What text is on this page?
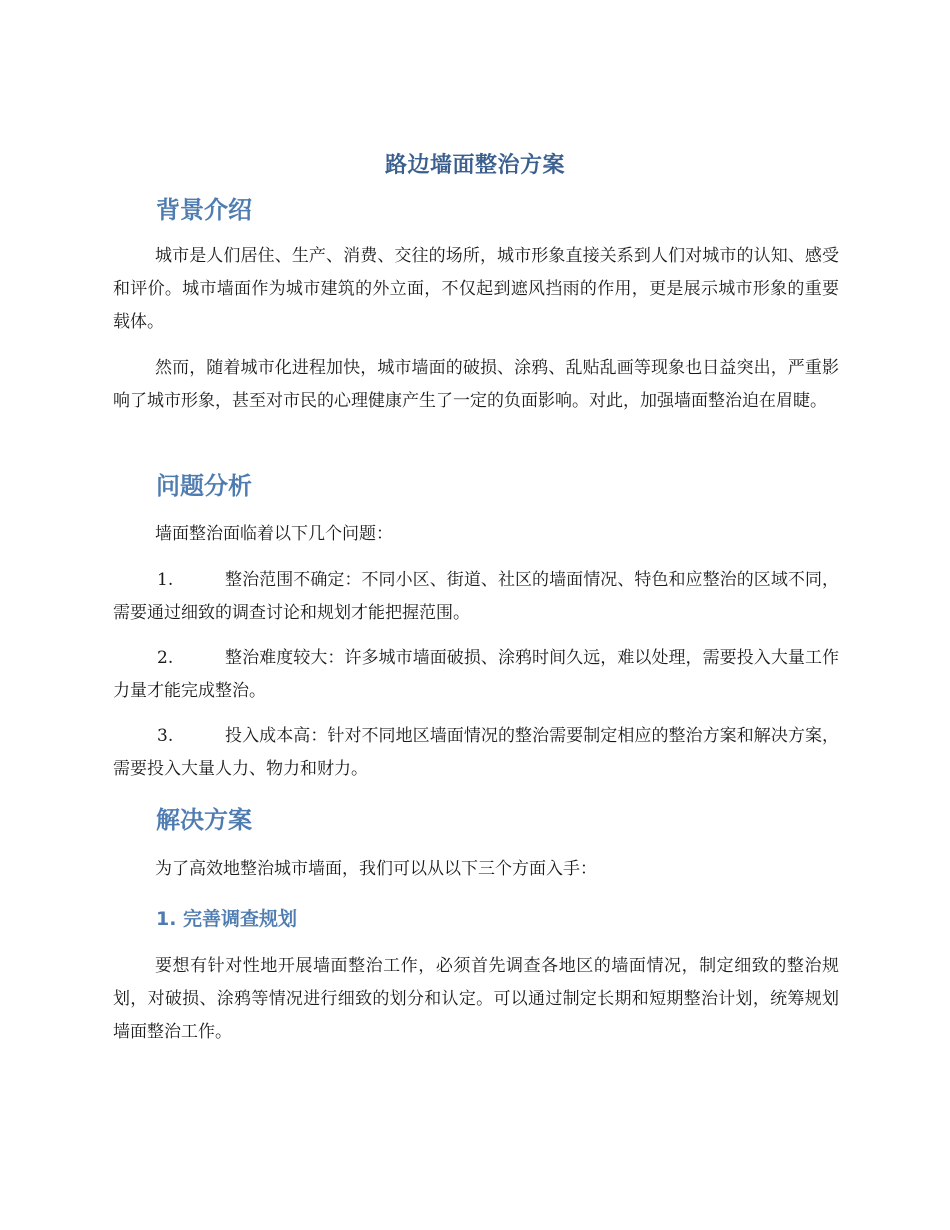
路边墙面整治方案
背景介绍
城市是人们居住、生产、消费、交往的场所，城市形象直接关系到人们对城市的认知、感受和评价。城市墙面作为城市建筑的外立面，不仅起到遮风挡雨的作用，更是展示城市形象的重要载体。
然而，随着城市化进程加快，城市墙面的破损、涂鸦、乱贴乱画等现象也日益突出，严重影响了城市形象，甚至对市民的心理健康产生了一定的负面影响。对此，加强墙面整治迫在眉睫。
问题分析
墙面整治面临着以下几个问题：
1.	整治范围不确定：不同小区、街道、社区的墙面情况、特色和应整治的区域不同，需要通过细致的调查讨论和规划才能把握范围。
2.	整治难度较大：许多城市墙面破损、涂鸦时间久远，难以处理，需要投入大量工作力量才能完成整治。
3.	投入成本高：针对不同地区墙面情况的整治需要制定相应的整治方案和解决方案，需要投入大量人力、物力和财力。
解决方案
为了高效地整治城市墙面，我们可以从以下三个方面入手：
1. 完善调查规划
要想有针对性地开展墙面整治工作，必须首先调查各地区的墙面情况，制定细致的整治规划，对破损、涂鸦等情况进行细致的划分和认定。可以通过制定长期和短期整治计划，统筹规划墙面整治工作。
